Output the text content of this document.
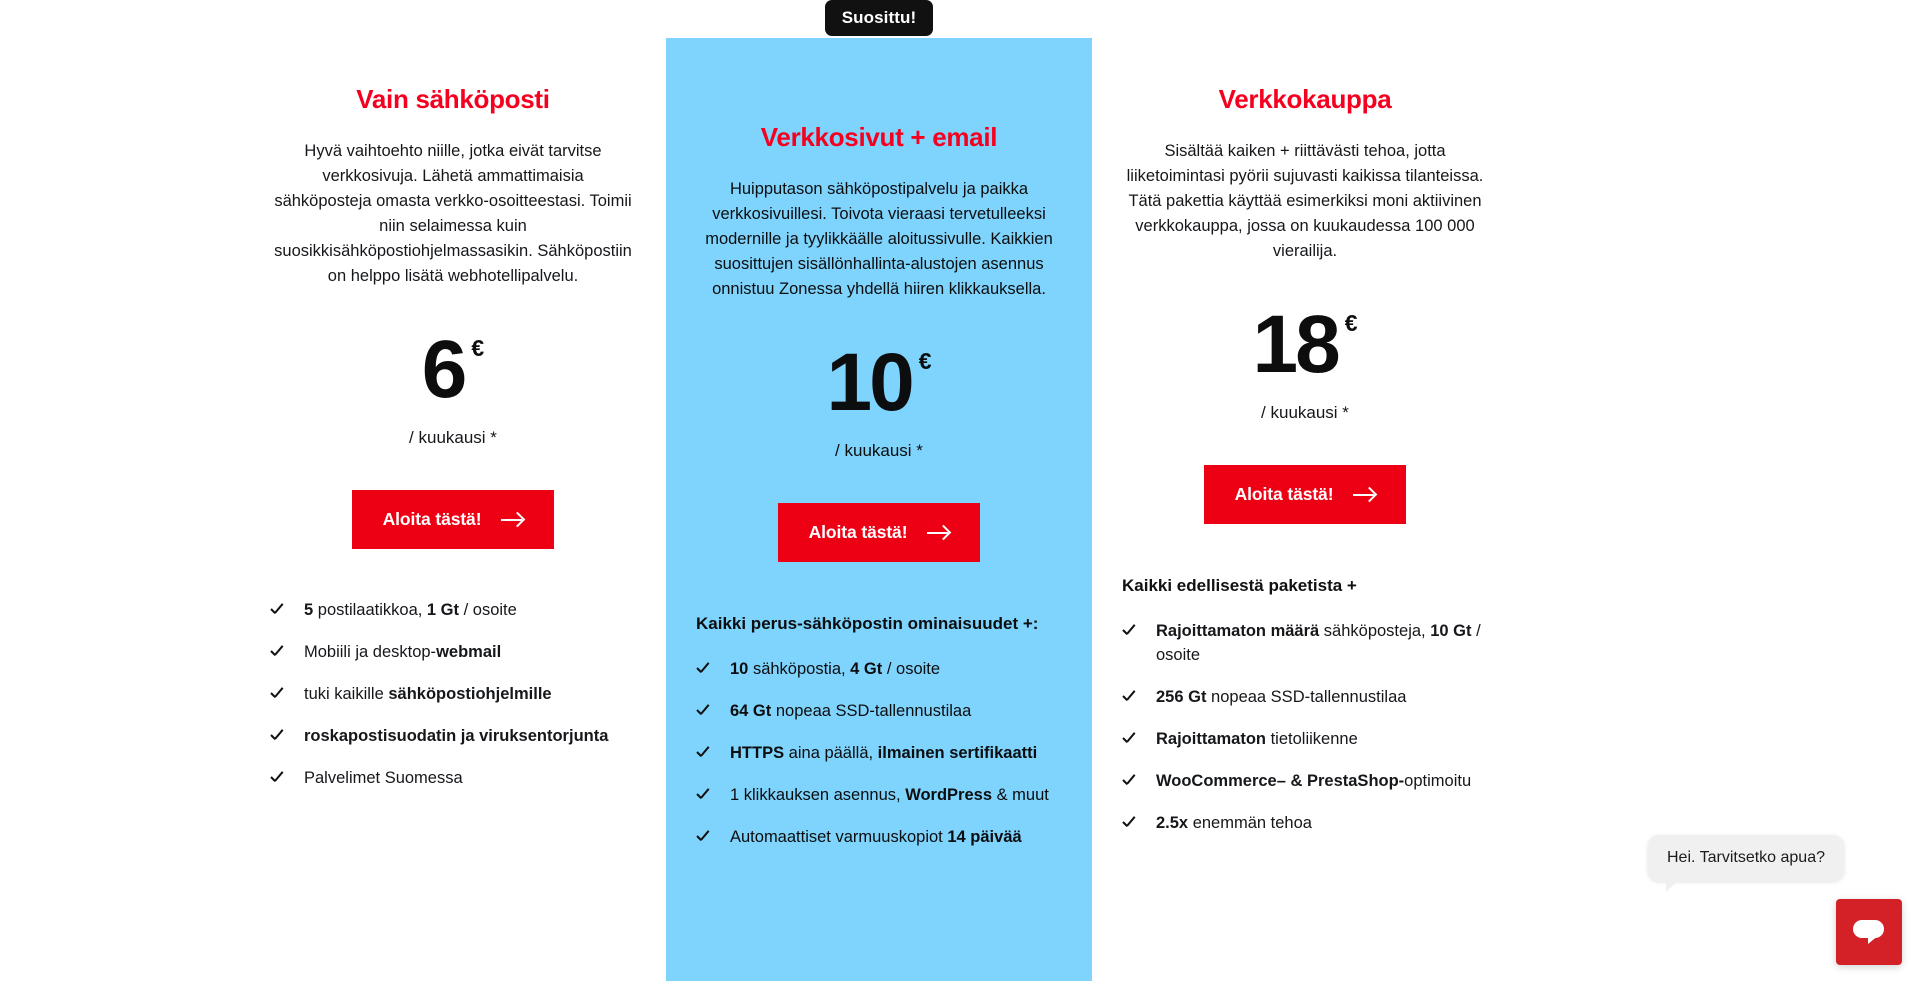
Vain sähköposti
Hyvä vaihtoehto niille, jotka eivät tarvitse verkkosivuja. Lähetä ammattimaisia sähköposteja omasta verkko-osoitteestasi. Toimii niin selaimessa kuin suosikkisähköpostiohjelmassasikin. Sähköpostiin on helppo lisätä webhotellipalvelu.
6 €
/ kuukausi *
Aloita tästä!
5 postilaatikkoa, 1 Gt / osoite
Mobiili ja desktop-webmail
tuki kaikille sähköpostiohjelmille
roskapostisuodatin ja viruksentorjunta
Palvelimet Suomessa
Suosittu!
Verkkosivut + email
Huipputason sähköpostipalvelu ja paikka verkkosivuillesi. Toivota vieraasi tervetulleeksi modernille ja tyylikkäälle aloitussivulle. Kaikkien suosittujen sisällönhallinta-alustojen asennus onnistuu Zonessa yhdellä hiiren klikkauksella.
10 €
/ kuukausi *
Aloita tästä!
Kaikki perus-sähköpostin ominaisuudet +:
10 sähköpostia, 4 Gt / osoite
64 Gt nopeaa SSD-tallennustilaa
HTTPS aina päällä, ilmainen sertifikaatti
1 klikkauksen asennus, WordPress & muut
Automaattiset varmuuskopiot 14 päivää
Verkkokauppa
Sisältää kaiken + riittävästi tehoa, jotta liiketoimintasi pyörii sujuvasti kaikissa tilanteissa. Tätä pakettia käyttää esimerkiksi moni aktiivinen verkkokauppa, jossa on kuukaudessa 100 000 vierailija.
18 €
/ kuukausi *
Aloita tästä!
Kaikki edellisestä paketista +
Rajoittamaton määrä sähköposteja, 10 Gt / osoite
256 Gt nopeaa SSD-tallennustilaa
Rajoittamaton tietoliikenne
WooCommerce– & PrestaShop-optimoitu
2.5x enemmän tehoa
Hei. Tarvitsetko apua?
